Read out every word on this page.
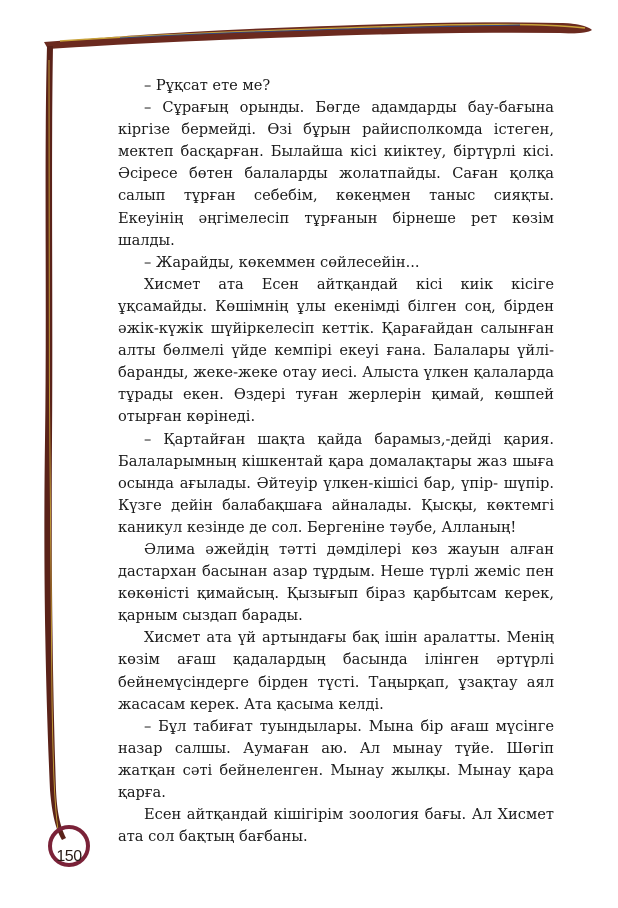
– Рұқсат ете ме?

– Сұрағың орынды. Бөгде адамдарды бау-бағына кіргізе бермейді. Өзі бұрын райисполкомда істеген, мектеп басқарған. Былайша кісі киіктеу, біртүрлі кісі. Әсіресе бөтен балаларды жолатпайды. Саған қолқа салып тұрған себебім, көкеңмен таныс сияқты. Екеуінің әңгімелесіп тұрғанын бірнеше рет көзім шалды.

– Жарайды, көкеммен сөйлесейін...

Хисмет ата Есен айтқандай кісі киік кісіге ұқсамайды. Көшімнің ұлы екенімді білген соң, бірден әжік-күжік шүйіркелесіп кеттік. Қарағайдан салынған алты бөлмелі үйде кемпірі екеуі ғана. Балалары үйлі-баранды, жеке-жеке отау иесі. Алыста үлкен қалаларда тұрады екен. Өздері туған жерлерін қимай, көшпей отырған көрінеді.

– Қартайған шақта қайда барамыз,-дейді қария. Балаларымның кішкентай қара домалақтары жаз шыға осында ағылады. Әйтеуір үлкен-кішісі бар, үпір- шүпір. Күзге дейін балабақшаға айналады. Қысқы, көктемгі каникул кезінде де сол. Бергеніне тәубе, Алланың!

Әлима әжейдің тәтті дәмділері көз жауын алған дастархан басынан азар тұрдым. Неше түрлі жеміс пен көкөністі қимайсың. Қызығып біраз қарбытсам керек, қарным сыздап барады.

Хисмет ата үй артындағы бақ ішін аралатты. Менің көзім ағаш қадалардың басында ілінген әртүрлі бейнемүсіндерге бірден түсті. Таңырқап, ұзақтау аял жасасам керек. Ата қасыма келді.

– Бұл табиғат туындылары. Мына бір ағаш мүсінге назар салшы. Аумаған аю. Ал мынау түйе. Шөгіп жатқан сәті бейнеленген. Мынау жылқы. Мынау қара қарға.

Есен айтқандай кішігірім зоология бағы. Ал Хисмет ата сол бақтың бағбаны.

150
